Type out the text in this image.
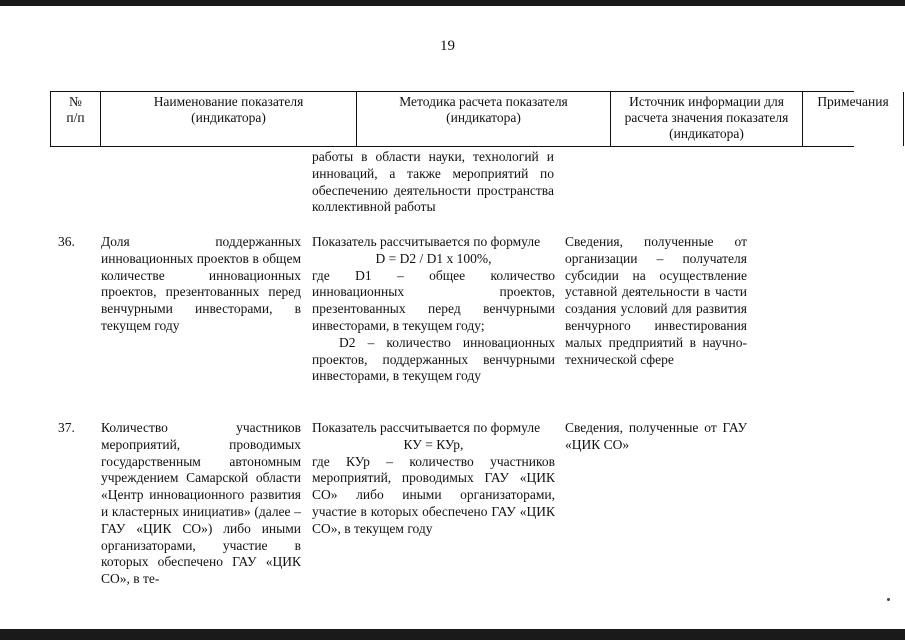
19
№
п/п
Наименование показателя (индикатора)
Методика расчета показателя (индикатора)
Источник информации для расчета значения показателя (индикатора)
Примечания
работы в области науки, технологий и инноваций, а также мероприятий по обеспечению деятельности пространства коллективной работы
36.	Доля поддержанных инновационных проектов в общем количестве инновационных проектов, презентованных перед венчурными инвесторами, в текущем году
Показатель рассчитывается по формуле
D = D2 / D1 x 100%,
где D1 – общее количество инновационных проектов, презентованных перед венчурными инвесторами, в текущем году;
D2 – количество инновационных проектов, поддержанных венчурными инвесторами, в текущем году
Сведения, полученные от организации – получателя субсидии на осуществление уставной деятельности в части создания условий для развития венчурного инвестирования малых предприятий в научно-технической сфере
37.	Количество участников мероприятий, проводимых государственным автономным учреждением Самарской области «Центр инновационного развития и кластерных инициатив» (далее – ГАУ «ЦИК СО») либо иными организаторами, участие в которых обеспечено ГАУ «ЦИК СО», в те-
Показатель рассчитывается по формуле
КУ = КУр,
где КУр – количество участников мероприятий, проводимых ГАУ «ЦИК СО» либо иными организаторами, участие в которых обеспечено ГАУ «ЦИК СО», в текущем году
Сведения, полученные от ГАУ «ЦИК СО»
